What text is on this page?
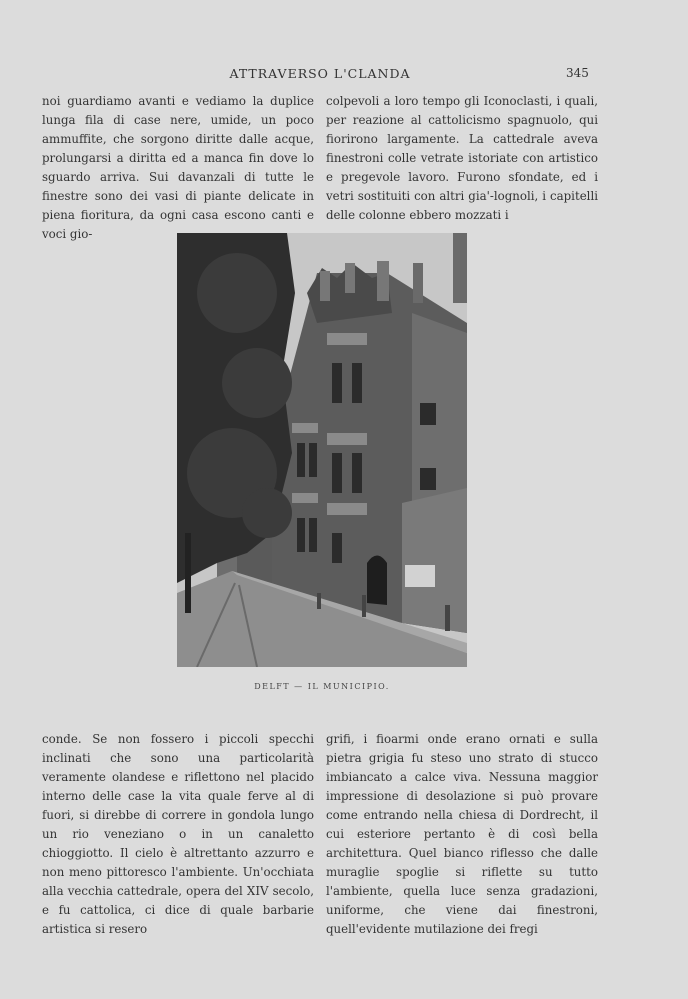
ATTRAVERSO L'CLANDA	345

noi guardiamo avanti e vediamo la duplice lunga fila di case nere, umide, un poco ammuffite, che sorgono diritte dalle acque, prolungarsi a diritta ed a manca fin dove lo sguardo arriva. Sui davanzali di tutte le finestre sono dei vasi di piante delicate in piena fioritura, da ogni casa escono canti e voci gio-

colpevoli a loro tempo gli Iconoclasti, i quali, per reazione al cattolicismo spagnuolo, qui fiorirono largamente. La cattedrale aveva finestroni colle vetrate istoriate con artistico e pregevole lavoro. Furono sfondate, ed i vetri sostituiti con altri gia'-lognoli, i capitelli delle colonne ebbero mozzati i

DELFT — IL MUNICIPIO.

conde. Se non fossero i piccoli specchi inclinati che sono una particolarità veramente olandese e riflettono nel placido interno delle case la vita quale ferve al di fuori, si direbbe di correre in gondola lungo un rio veneziano o in un canaletto chioggiotto. Il cielo è altrettanto azzurro e non meno pittoresco l'ambiente. Un'occhiata alla vecchia cattedrale, opera del XIV secolo, e fu cattolica, ci dice di quale barbarie artistica si resero

grifi, i fioarmi onde erano ornati e sulla pietra grigia fu steso uno strato di stucco imbiancato a calce viva. Nessuna maggior impressione di desolazione si può provare come entrando nella chiesa di Dordrecht, il cui esteriore pertanto è di così bella architettura. Quel bianco riflesso che dalle muraglie spoglie si riflette su tutto l'ambiente, quella luce senza gradazioni, uniforme, che viene dai finestroni, quell'evidente mutilazione dei fregi
